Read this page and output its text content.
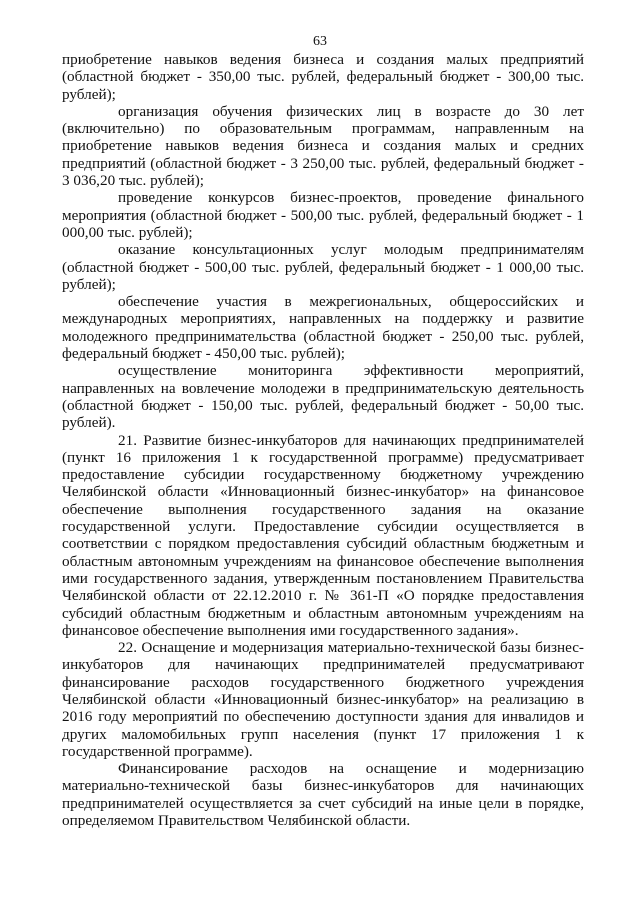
63

приобретение навыков ведения бизнеса и создания малых предприятий (областной бюджет - 350,00 тыс. рублей, федеральный бюджет - 300,00 тыс. рублей);

организация обучения физических лиц в возрасте до 30 лет (включительно) по образовательным программам, направленным на приобретение навыков ведения бизнеса и создания малых и средних предприятий (областной бюджет - 3 250,00 тыс. рублей, федеральный бюджет - 3 036,20 тыс. рублей);

проведение конкурсов бизнес-проектов, проведение финального мероприятия (областной бюджет - 500,00 тыс. рублей, федеральный бюджет - 1 000,00 тыс. рублей);

оказание консультационных услуг молодым предпринимателям (областной бюджет - 500,00 тыс. рублей, федеральный бюджет - 1 000,00 тыс. рублей);

обеспечение участия в межрегиональных, общероссийских и международных мероприятиях, направленных на поддержку и развитие молодежного предпринимательства (областной бюджет - 250,00 тыс. рублей, федеральный бюджет - 450,00 тыс. рублей);

осуществление мониторинга эффективности мероприятий, направленных на вовлечение молодежи в предпринимательскую деятельность (областной бюджет - 150,00 тыс. рублей, федеральный бюджет - 50,00 тыс. рублей).

21. Развитие бизнес-инкубаторов для начинающих предпринимателей (пункт 16 приложения 1 к государственной программе) предусматривает предоставление субсидии государственному бюджетному учреждению Челябинской области «Инновационный бизнес-инкубатор» на финансовое обеспечение выполнения государственного задания на оказание государственной услуги. Предоставление субсидии осуществляется в соответствии с порядком предоставления субсидий областным бюджетным и областным автономным учреждениям на финансовое обеспечение выполнения ими государственного задания, утвержденным постановлением Правительства Челябинской области от 22.12.2010 г. № 361-П «О порядке предоставления субсидий областным бюджетным и областным автономным учреждениям на финансовое обеспечение выполнения ими государственного задания».

22. Оснащение и модернизация материально-технической базы бизнес-инкубаторов для начинающих предпринимателей предусматривают финансирование расходов государственного бюджетного учреждения Челябинской области «Инновационный бизнес-инкубатор» на реализацию в 2016 году мероприятий по обеспечению доступности здания для инвалидов и других маломобильных групп населения (пункт 17 приложения 1 к государственной программе).

Финансирование расходов на оснащение и модернизацию материально-технической базы бизнес-инкубаторов для начинающих предпринимателей осуществляется за счет субсидий на иные цели в порядке, определяемом Правительством Челябинской области.
